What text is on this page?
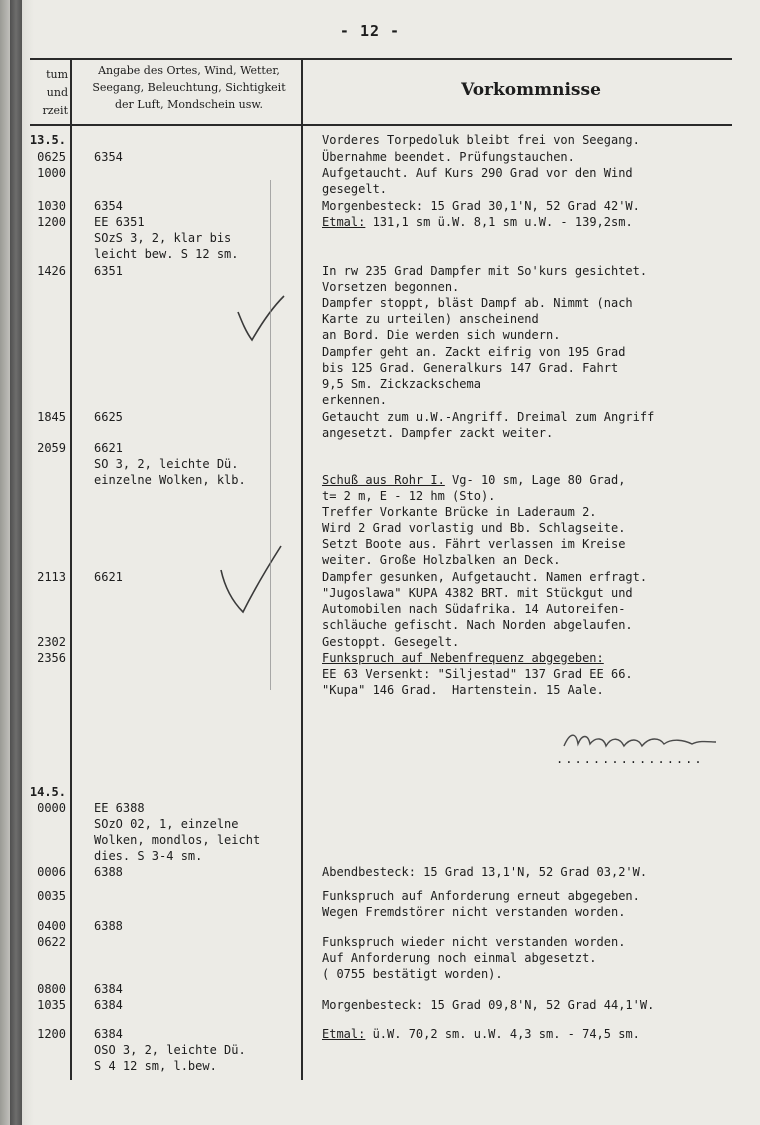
- 12 -
tum
und
rzeit
Angabe des Ortes, Wind, Wetter,
Seegang, Beleuchtung, Sichtigkeit
der Luft, Mondschein usw.
Vorkommnisse
13.5.
0625
1000
1030
1200
1426
1845
2059
2113
2302
2356
14.5.
0000
0006
0035
0400
0622
0800
1035
1200
6354
6354
EE 6351
SOzS 3, 2, klar bis
leicht bew. S 12 sm.
6351
6625
6621
SO 3, 2, leichte Dü.
einzelne Wolken, klb.
6621
EE 6388
SOzO 02, 1, einzelne
Wolken, mondlos, leicht
dies. S 3-4 sm.
6388
6388
6384
6384
6384
OSO 3, 2, leichte Dü.
S 4 12 sm, l.bew.
Vorderes Torpedoluk bleibt frei von Seegang.
Übernahme beendet. Prüfungstauchen.
Aufgetaucht. Auf Kurs 290 Grad vor den Wind
gesegelt.
Morgenbesteck: 15 Grad 30,1'N, 52 Grad 42'W.
Etmal: 131,1 sm ü.W. 8,1 sm u.W. - 139,2sm.
In rw 235 Grad Dampfer mit So'kurs gesichtet.
Vorsetzen begonnen.
Dampfer stoppt, bläst Dampf ab. Nimmt (nach
Karte zu urteilen) anscheinend
an Bord. Die werden sich wundern.
Dampfer geht an. Zackt eifrig von 195 Grad
bis 125 Grad. Generalkurs 147 Grad. Fahrt
9,5 Sm. Zickzackschema
erkennen.
Getaucht zum u.W.-Angriff. Dreimal zum Angriff
angesetzt. Dampfer zackt weiter.
Schuß aus Rohr I. Vg- 10 sm, Lage 80 Grad,
t= 2 m, E - 12 hm (Sto).
Treffer Vorkante Brücke in Laderaum 2.
Wird 2 Grad vorlastig und Bb. Schlagseite.
Setzt Boote aus. Fährt verlassen im Kreise
weiter. Große Holzbalken an Deck.
Dampfer gesunken, Aufgetaucht. Namen erfragt.
"Jugoslawa" KUPA 4382 BRT. mit Stückgut und
Automobilen nach Südafrika. 14 Autoreifen-
schläuche gefischt. Nach Norden abgelaufen.
Gestoppt. Gesegelt.
Funkspruch auf Nebenfrequenz abgegeben:
EE 63 Versenkt: "Siljestad" 137 Grad EE 66.
"Kupa" 146 Grad.  Hartenstein. 15 Aale.
Abendbesteck: 15 Grad 13,1'N, 52 Grad 03,2'W.
Funkspruch auf Anforderung erneut abgegeben.
Wegen Fremdstörer nicht verstanden worden.
Funkspruch wieder nicht verstanden worden.
Auf Anforderung noch einmal abgesetzt.
( 0755 bestätigt worden).
Morgenbesteck: 15 Grad 09,8'N, 52 Grad 44,1'W.
Etmal: ü.W. 70,2 sm. u.W. 4,3 sm. - 74,5 sm.
................
